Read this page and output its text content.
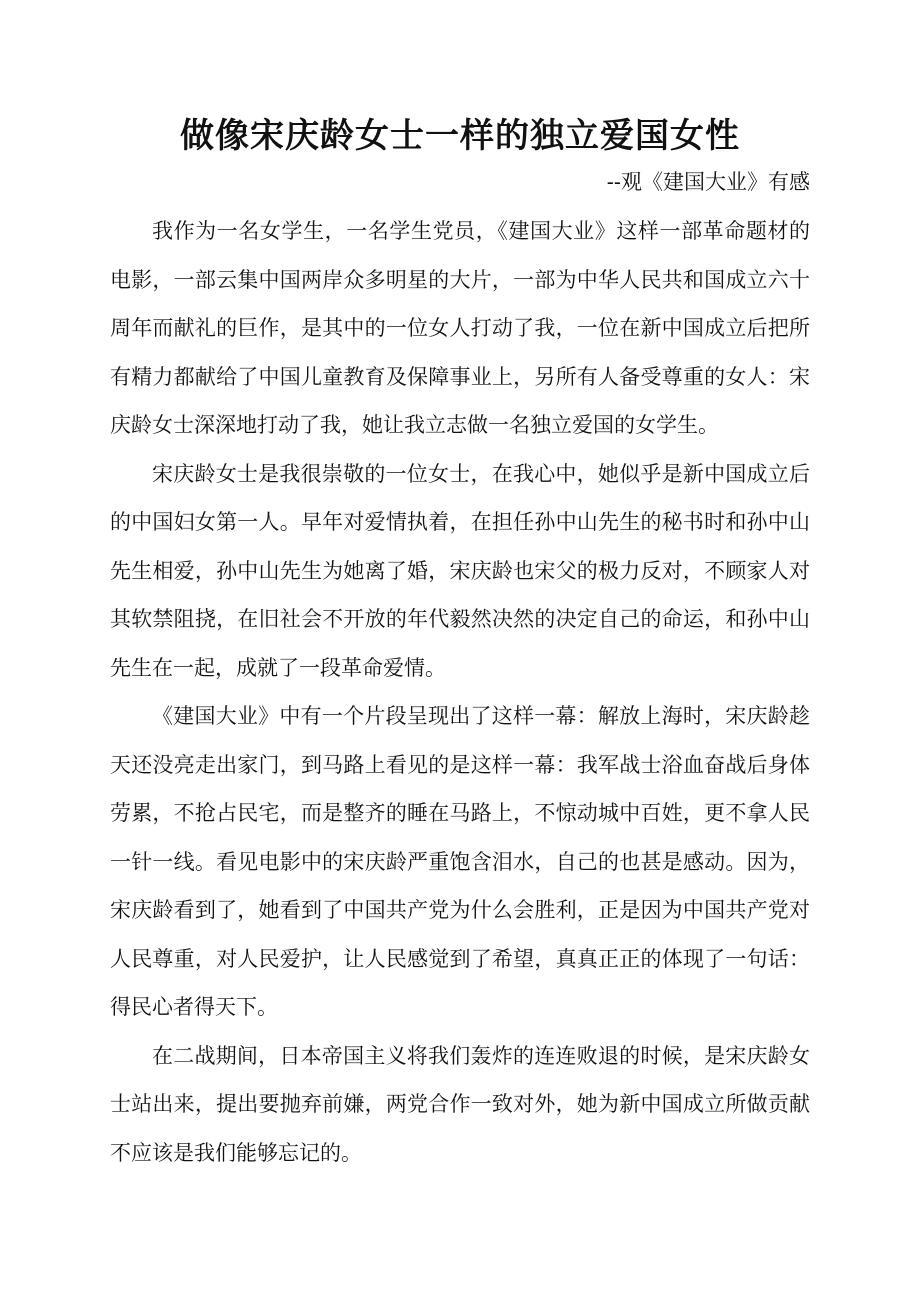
做像宋庆龄女士一样的独立爱国女性
--观《建国大业》有感

我作为一名女学生，一名学生党员，《建国大业》这样一部革命题材的电影，一部云集中国两岸众多明星的大片，一部为中华人民共和国成立六十周年而献礼的巨作，是其中的一位女人打动了我，一位在新中国成立后把所有精力都献给了中国儿童教育及保障事业上，另所有人备受尊重的女人：宋庆龄女士深深地打动了我，她让我立志做一名独立爱国的女学生。

宋庆龄女士是我很崇敬的一位女士，在我心中，她似乎是新中国成立后的中国妇女第一人。早年对爱情执着，在担任孙中山先生的秘书时和孙中山先生相爱，孙中山先生为她离了婚，宋庆龄也宋父的极力反对，不顾家人对其软禁阻挠，在旧社会不开放的年代毅然决然的决定自己的命运，和孙中山先生在一起，成就了一段革命爱情。

《建国大业》中有一个片段呈现出了这样一幕：解放上海时，宋庆龄趁天还没亮走出家门，到马路上看见的是这样一幕：我军战士浴血奋战后身体劳累，不抢占民宅，而是整齐的睡在马路上，不惊动城中百姓，更不拿人民一针一线。看见电影中的宋庆龄严重饱含泪水，自己的也甚是感动。因为，宋庆龄看到了，她看到了中国共产党为什么会胜利，正是因为中国共产党对人民尊重，对人民爱护，让人民感觉到了希望，真真正正的体现了一句话：得民心者得天下。

在二战期间，日本帝国主义将我们轰炸的连连败退的时候，是宋庆龄女士站出来，提出要抛弃前嫌，两党合作一致对外，她为新中国成立所做贡献不应该是我们能够忘记的。
